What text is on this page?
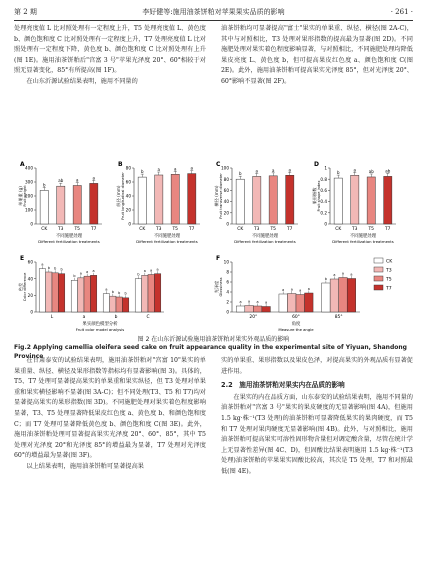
第 2 期	李好健等:施用油茶饼粕对苹果果实品质的影响	· 261 ·

处理亮度值 L 比对照处理有一定程度上升，T5 处理亮度值 L、黄色度 b、颜色饱和度 C 比对照处理有一定程度上升，T7 处理亮度值 L 比对照处理有一定程度下降，黄色度 b、颜色饱和度 C 比对照处理有上升(图 1E)。施用油茶饼粕后"宫富 3 号"苹果光泽度 20°、60°相较于对照无显著变化，85°有所提高(图 1F)。

在山东沂源试验结果表明，施用不同量的

油茶饼粕均可显著提高"富士"果实的单果重、纵径、横径(图 2A-C)，其中与对照相比，T3 处理对果形指数的提高最为显著(图 2D)。不同施肥处理对果实着色程度影响显著，与对照相比，不同施肥处理均降低果皮亮度 L、黄色度 b，但可提高果皮红色度 a、颜色饱和度 C(图 2E)。此外，施用油茶饼粕可提高果实光泽度 85°，但对光泽度 20°、60°影响不显著(图 2F)。

A
0
100
200
300
400
单果重 (g) Fruit weight
b
CK
ab
T3
a
T5
a
T7
不同施肥处理
Different fertilization treatments
B
0
20
40
60
80
纵径 (mm) Fruit longitudinal diameter
b
CK
a
T3
a
T5
a
T7
不同施肥处理
Different fertilization treatments
C
0
20
40
60
80
100
横径 (mm) Fruit transverse diameter	b
CK
a
T3
a
T5
a
T7
不同施肥处理
Different fertilization treatments
D
0
0.2
0.4
0.6
0.8
1
果形指数 Fruit shape index
b
CK
a
T3
ab
T5
ab
T7
不同施肥处理
Different fertilization treatments
E
0
20
40
60
色差 Color difference
a
b b b
L
b
a a a
a
a
b b b
b
b
a a a
C
果实颜色模型分析
Fruit color model analysis
F
0
2
4
6
8
10
光泽度 Glossiness
a a a a
20°
a a a a
60°
b
a a a
85°
角度
Measure the angle
CK
T3
T5
T7
图 2 在山东沂源试验施用油茶饼粕对果实外观品质的影响
Fig.2 Applying camellia oleifera seed cake on fruit appearance quality in the experimental site of Yiyuan, Shandong Province

在甘肃泰安的试验结果表明，施用油茶饼粕对"宫富 10"果实的单果重量、纵径、横径及果形指数等指标均有显著影响(图 3)。具体的，T5、T7 处理可显著提高果实的单果重和果实纵径，但 T3 处理对单果重和果实横径影响不显著(图 3A-C)；但不同处理(T3、T5 和 T7)均对显著提高果实的果形指数(图 3D)。不同施肥处理对果实着色程度影响显著，T3、T5 处理显著降低果皮红色度 a、黄色度 b、和颜色饱和度 C；而 T7 处理可显著降低黄色度 b、颜色饱和度 C(图 3E)。此外，施用油茶饼粕处理可显著提高果实光泽度 20°、60°、85°，其中 T5 处理对光泽度 20°和光泽度 85°的增益最为显著，T7 处理对光泽度 60°的增益最为显著(图 3F)。

以上结果表明，施用油茶饼粕可显著提高果

实的单果重、果形指数以及果皮色泽，对提高果实的外观品质有显著促进作用。

2.2　施用油茶饼粕对果实内在品质的影响

在果实的内在品质方面，山东泰安的试验结果表明，施用不同量的油茶饼粕对"宫富 3 号"果实的果皮硬度的无显著影响(图 4A)，但施用 1.5 kg·株⁻¹(T3 处理)的油茶饼粕可显著降低果实的果肉硬度，而 T5 和 T7 处理对果肉硬度无显著影响(图 4B)。此外，与对照相比，施用油茶饼粕可提高果实可溶性固形物含量但对调定酸含量，尽管在统计学上无显著性差异(图 4C、D)，但固酸比结果表明施用 1.5 kg·株⁻¹(T3 处理)油茶饼粕的苹果果实固酸比较高，其次是 T5 处理，T7 和对照最低(图 4E)。
